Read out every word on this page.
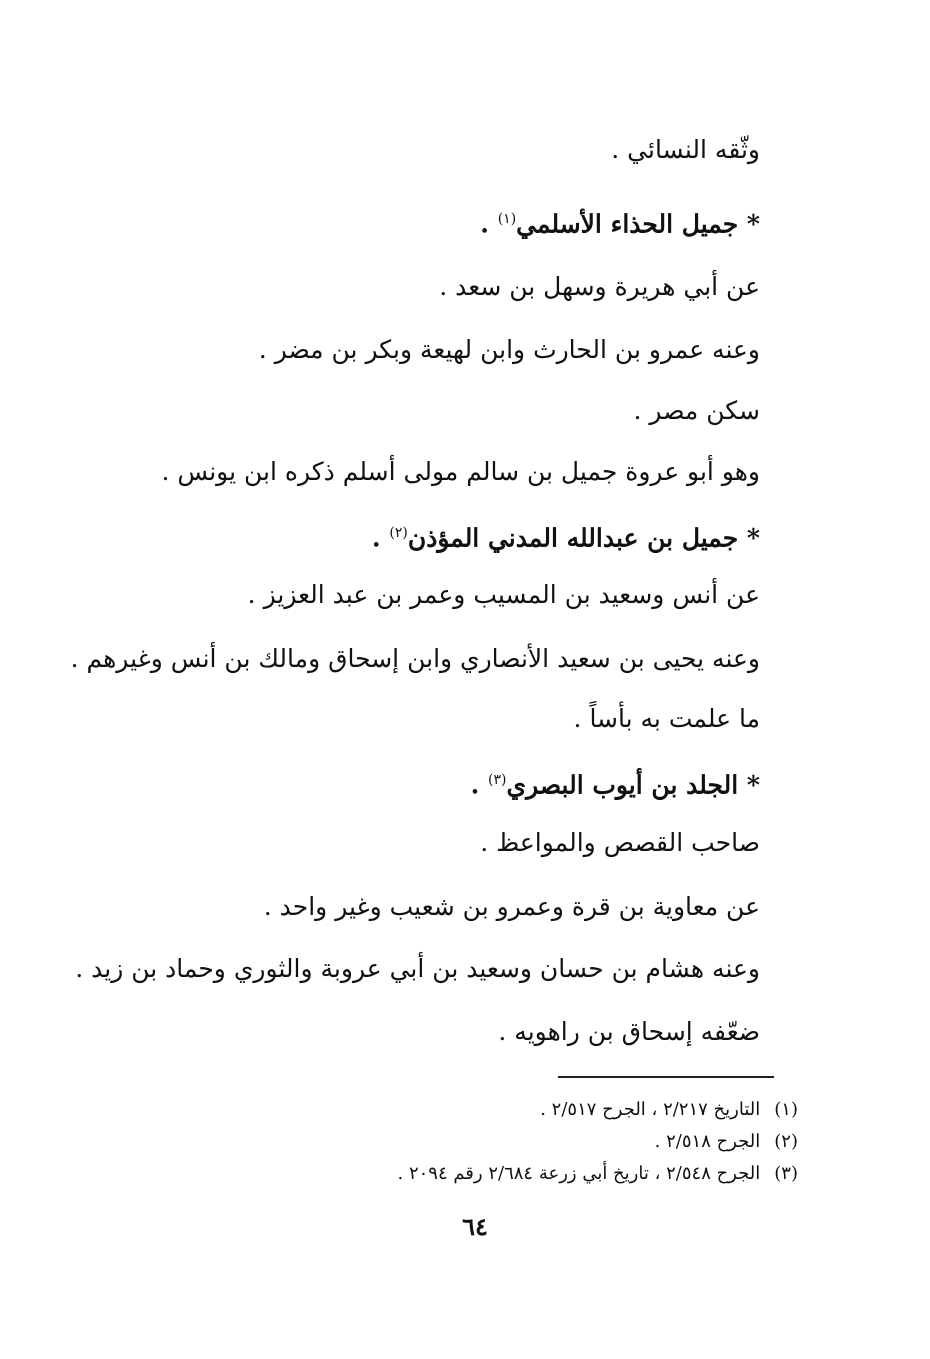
وثّقه النسائي .
* جميل الحذاء الأسلمي$^{(١)}$ .
عن أبي هريرة وسهل بن سعد .
وعنه عمرو بن الحارث وابن لهيعة وبكر بن مضر .
سكن مصر .
وهو أبو عروة جميل بن سالم مولى أسلم ذكره ابن يونس .
* جميل بن عبدالله المدني المؤذن$^{(٢)}$ .
عن أنس وسعيد بن المسيب وعمر بن عبد العزيز .
وعنه يحيى بن سعيد الأنصاري وابن إسحاق ومالك بن أنس وغيرهم .
ما علمت به بأساً .
* الجلد بن أيوب البصري$^{(٣)}$ .
صاحب القصص والمواعظ .
عن معاوية بن قرة وعمرو بن شعيب وغير واحد .
وعنه هشام بن حسان وسعيد بن أبي عروبة والثوري وحماد بن زيد .
ضعّفه إسحاق بن راهويه .
(١)التاريخ ٢/٢١٧ ، الجرح ٢/٥١٧ .
(٢)الجرح ٢/٥١٨ .
(٣)الجرح ٢/٥٤٨ ، تاريخ أبي زرعة ٢/٦٨٤ رقم ٢٠٩٤ .
٦٤
